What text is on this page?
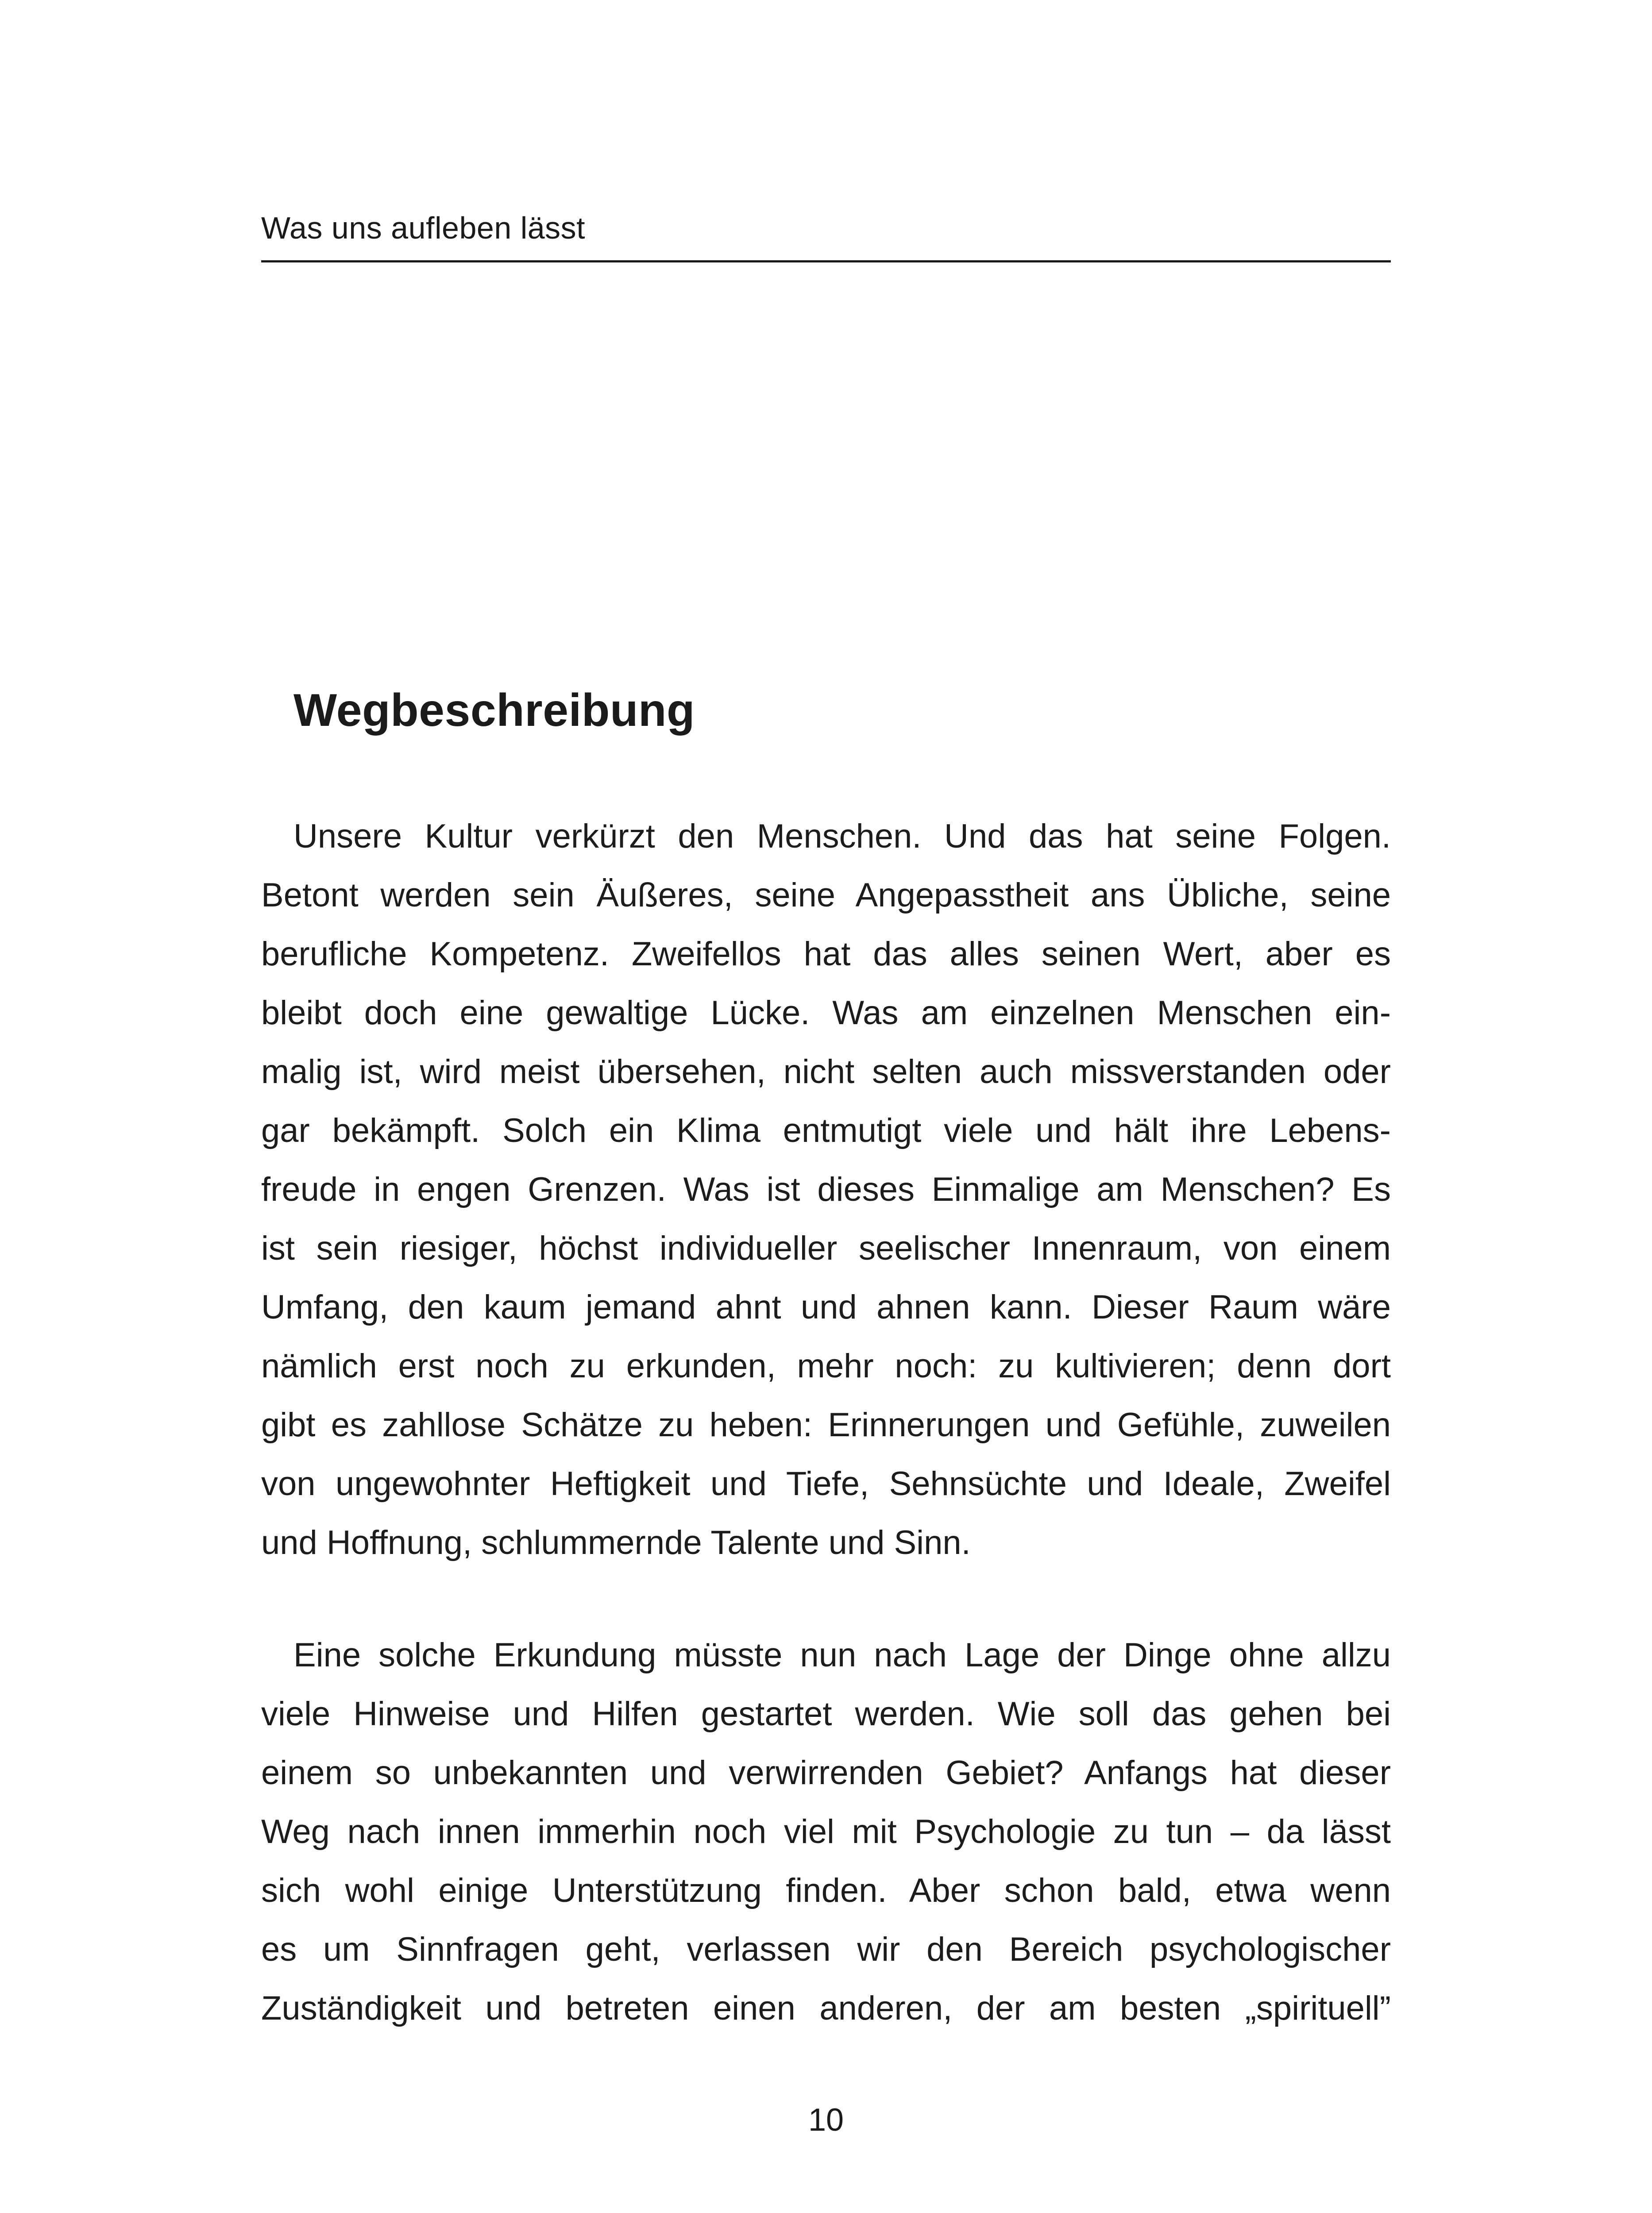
Was uns aufleben lässt
Wegbeschreibung
Unsere Kultur verkürzt den Menschen. Und das hat seine Folgen.
Betont werden sein Äußeres, seine Angepasstheit ans Übliche, seine
berufliche Kompetenz. Zweifellos hat das alles seinen Wert, aber es
bleibt doch eine gewaltige Lücke. Was am einzelnen Menschen ein-
malig ist, wird meist übersehen, nicht selten auch missverstanden oder
gar bekämpft. Solch ein Klima entmutigt viele und hält ihre Lebens-
freude in engen Grenzen. Was ist dieses Einmalige am Menschen? Es
ist sein riesiger, höchst individueller seelischer Innenraum, von einem
Umfang, den kaum jemand ahnt und ahnen kann. Dieser Raum wäre
nämlich erst noch zu erkunden, mehr noch: zu kultivieren; denn dort
gibt es zahllose Schätze zu heben: Erinnerungen und Gefühle, zuweilen
von ungewohnter Heftigkeit und Tiefe, Sehnsüchte und Ideale, Zweifel
und Hoffnung, schlummernde Talente und Sinn.
Eine solche Erkundung müsste nun nach Lage der Dinge ohne allzu
viele Hinweise und Hilfen gestartet werden. Wie soll das gehen bei
einem so unbekannten und verwirrenden Gebiet? Anfangs hat dieser
Weg nach innen immerhin noch viel mit Psychologie zu tun – da lässt
sich wohl einige Unterstützung finden. Aber schon bald, etwa wenn
es um Sinnfragen geht, verlassen wir den Bereich psychologischer
Zuständigkeit und betreten einen anderen, der am besten „spirituell”
10
